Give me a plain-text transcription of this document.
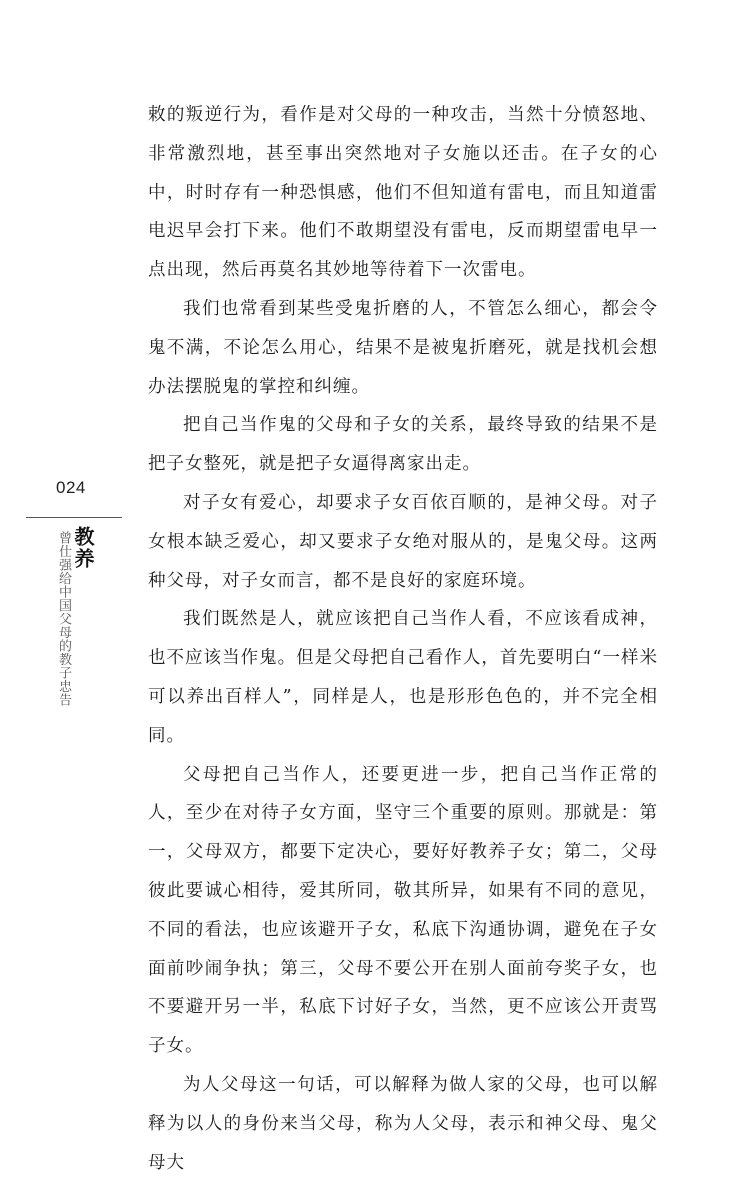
024
教养
曾仕强给中国父母的教子忠告

敕的叛逆行为，看作是对父母的一种攻击，当然十分愤怒地、非常激烈地，甚至事出突然地对子女施以还击。在子女的心中，时时存有一种恐惧感，他们不但知道有雷电，而且知道雷电迟早会打下来。他们不敢期望没有雷电，反而期望雷电早一点出现，然后再莫名其妙地等待着下一次雷电。

我们也常看到某些受鬼折磨的人，不管怎么细心，都会令鬼不满，不论怎么用心，结果不是被鬼折磨死，就是找机会想办法摆脱鬼的掌控和纠缠。

把自己当作鬼的父母和子女的关系，最终导致的结果不是把子女整死，就是把子女逼得离家出走。

对子女有爱心，却要求子女百依百顺的，是神父母。对子女根本缺乏爱心，却又要求子女绝对服从的，是鬼父母。这两种父母，对子女而言，都不是良好的家庭环境。

我们既然是人，就应该把自己当作人看，不应该看成神，也不应该当作鬼。但是父母把自己看作人，首先要明白“一样米可以养出百样人”，同样是人，也是形形色色的，并不完全相同。

父母把自己当作人，还要更进一步，把自己当作正常的人，至少在对待子女方面，坚守三个重要的原则。那就是：第一，父母双方，都要下定决心，要好好教养子女；第二，父母彼此要诚心相待，爱其所同，敬其所异，如果有不同的意见，不同的看法，也应该避开子女，私底下沟通协调，避免在子女面前吵闹争执；第三，父母不要公开在别人面前夸奖子女，也不要避开另一半，私底下讨好子女，当然，更不应该公开责骂子女。

为人父母这一句话，可以解释为做人家的父母，也可以解释为以人的身份来当父母，称为人父母，表示和神父母、鬼父母大
